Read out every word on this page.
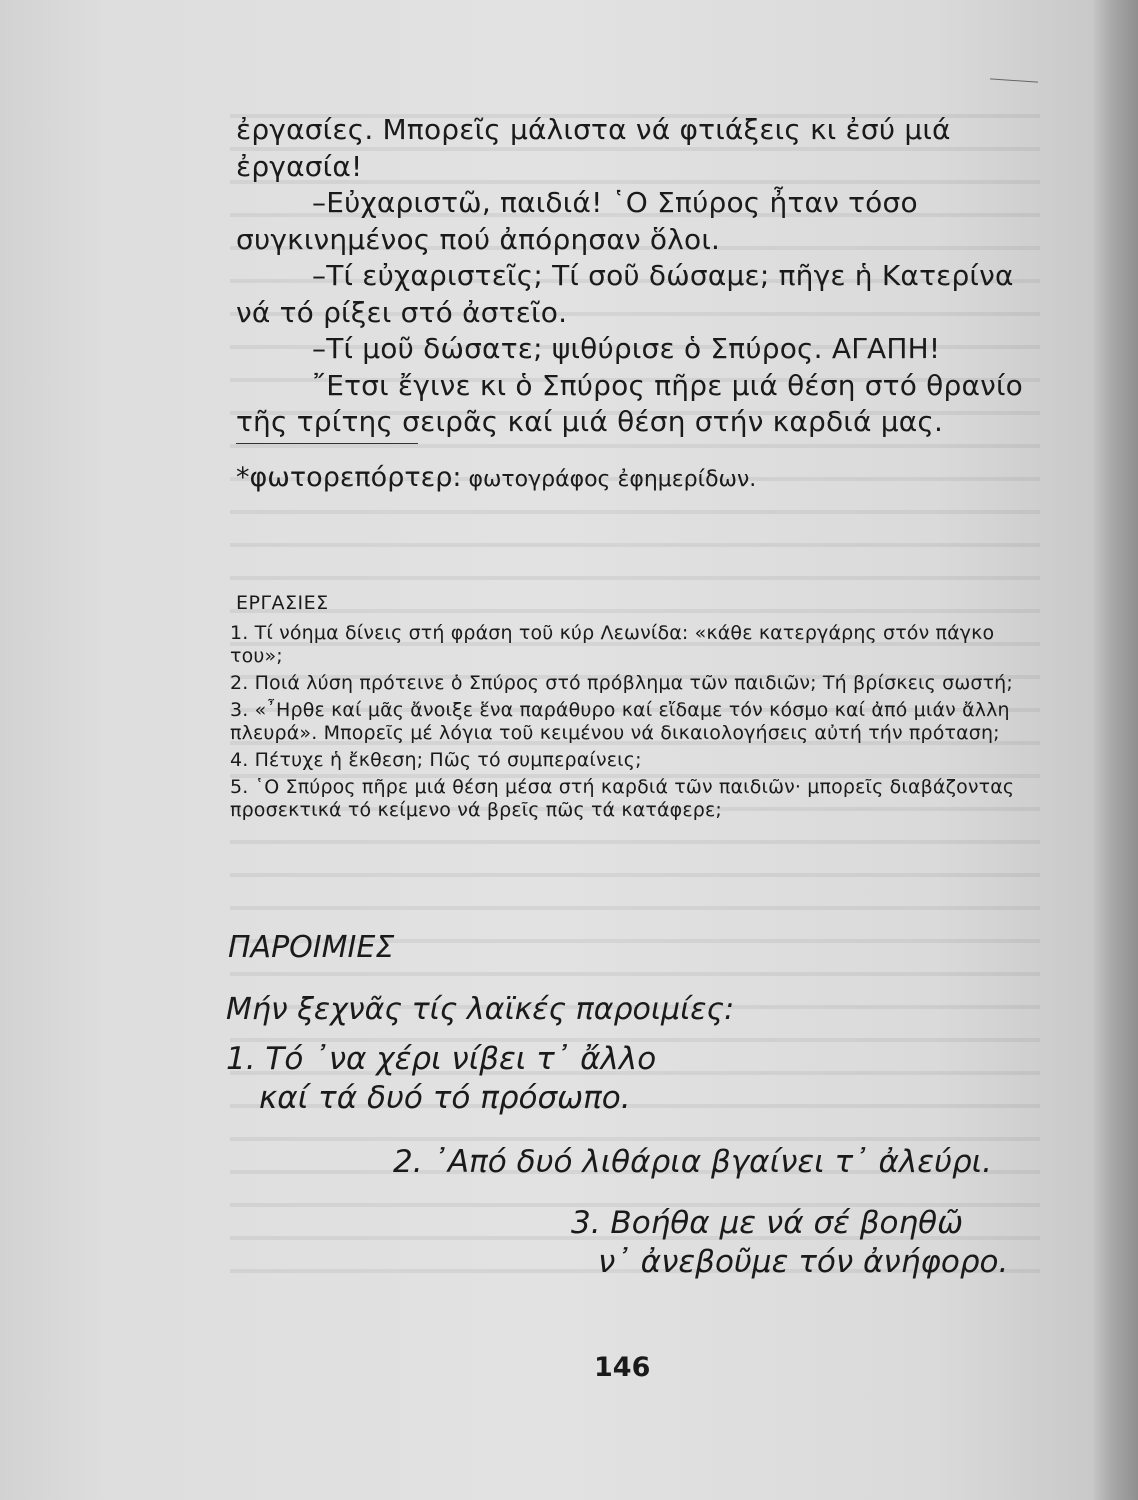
ἐργασίες. Μπορεῖς μάλιστα νά φτιάξεις κι ἐσύ μιά ἐργασία!

–Εὐχαριστῶ, παιδιά! ῾Ο Σπύρος ἦταν τόσο συγκινημένος πού ἀπόρησαν ὅλοι.

–Τί εὐχαριστεῖς; Τί σοῦ δώσαμε; πῆγε ἡ Κατερίνα νά τό ρίξει στό ἀστεῖο.

–Τί μοῦ δώσατε; ψιθύρισε ὁ Σπύρος. ΑΓΑΠΗ!

῎Ετσι ἔγινε κι ὁ Σπύρος πῆρε μιά θέση στό θρανίο τῆς τρίτης σειρᾶς καί μιά θέση στήν καρδιά μας.

*φωτορεπόρτερ: φωτογράφος ἐφημερίδων.
ΕΡΓΑΣΙΕΣ

1. Τί νόημα δίνεις στή φράση τοῦ κύρ Λεωνίδα: «κάθε κατεργάρης στόν πάγκο του»;

2. Ποιά λύση πρότεινε ὁ Σπύρος στό πρόβλημα τῶν παιδιῶν; Τή βρίσκεις σωστή;

3. «῏Ηρθε καί μᾶς ἄνοιξε ἕνα παράθυρο καί εἴδαμε τόν κόσμο καί ἀπό μιάν ἄλλη πλευρά». Μπορεῖς μέ λόγια τοῦ κειμένου νά δικαιολογήσεις αὐτή τήν πρόταση;

4. Πέτυχε ἡ ἔκθεση; Πῶς τό συμπεραίνεις;

5. ῾Ο Σπύρος πῆρε μιά θέση μέσα στή καρδιά τῶν παιδιῶν· μπορεῖς διαβάζοντας προσεκτικά τό κείμενο νά βρεῖς πῶς τά κατάφερε;

ΠΑΡΟΙΜΙΕΣ
Μήν ξεχνᾶς τίς λαϊκές παροιμίες:
1. Τό ᾽να χέρι νίβει τ᾽ ἄλλο
καί τά δυό τό πρόσωπο.
2. ᾽Από δυό λιθάρια βγαίνει τ᾽ ἀλεύρι.
3. Βοήθα με νά σέ βοηθῶ
ν᾽ ἀνεβοῦμε τόν ἀνήφορο.
146
